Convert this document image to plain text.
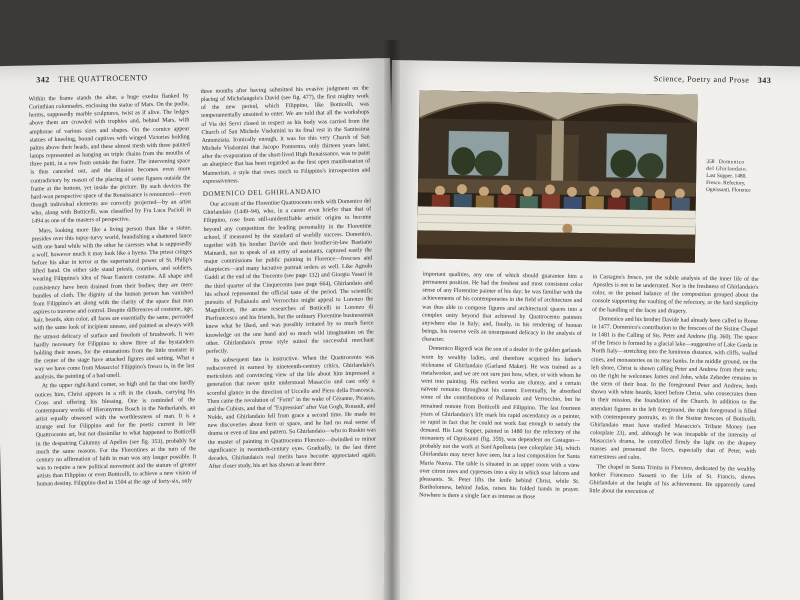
342 THE QUATTROCENTO

Within the frame stands the altar, a huge exedra flanked by Corinthian colonnades, enclosing the statue of Mars. On the podia, herms, supposedly marble sculptures, twist as if alive. The ledges above them are crowded with trophies and, behind Mars, with amphorae of various sizes and shapes. On the cornice appear statues of kneeling, bound captives with winged Victories holding palms above their heads, and these almost mesh with three painted lamps represented as hanging on triple chains from the mouths of three putti, in a row from outside the frame. The intervening space is thus canceled out, and the illusion becomes even more contradictory by reason of the placing of some figures outside the frame at the bottom, yet inside the picture. By such devices the hard-won perspective space of the Renaissance is renounced—even though individual elements are correctly projected—by an artist who, along with Botticelli, was classified by Fra Luca Pacioli in 1494 as one of the masters of perspective.

Mars, looking more like a living person than like a statue, presides over this topsy-turvy world, brandishing a shattered lance with one hand while with the other he caresses what is supposedly a wolf, however much it may look like a hyena. The priest cringes before his altar in terror at the supernatural power of St. Philip's lifted hand. On either side stand priests, courtiers, and soldiers, wearing Filippino's idea of Near Eastern costume. All shape and consistency have been drained from their bodies; they are mere bundles of cloth. The dignity of the human person has vanished from Filippino's art along with the clarity of the space that man aspires to traverse and control. Despite differences of costume, age, hair, beards, skin color, all faces are essentially the same, pervaded with the same look of incipient unease, and painted as always with the utmost delicacy of surface and freedom of brushwork. It was hardly necessary for Filippino to show three of the bystanders holding their noses, for the emanations from the little monster in the center of the stage have attacked figures and setting. What a way we have come from Masaccio! Filippino's fresco is, in the last analysis, the painting of a bad smell.

At the upper right-hand corner, so high and far that one hardly notices him, Christ appears in a rift in the clouds, carrying his Cross and offering his blessing. One is reminded of the contemporary works of Hieronymus Bosch in the Netherlands, an artist equally obsessed with the worthlessness of man. It is a strange end for Filippino and for the poetic current in late Quattrocento art, but not dissimilar to what happened to Botticelli in the despairing Calumny of Apelles (see fig. 353), probably for much the same reasons. For the Florentines at the turn of the century no affirmation of faith in man was any longer possible. It was to require a new political movement and the stature of greater artists than Filippino or even Botticelli, to achieve a new vision of human destiny. Filippino died in 1504 at the age of forty-six, only

three months after having submitted his evasive judgment on the placing of Michelangelo's David (see fig. 477), the first mighty work of the new period, which Filippino, like Botticelli, was temperamentally unsuited to enter. We are told that all the workshops of Via dei Servi closed in respect as his body was carried from the Church of San Michele Visdomini to its final rest in the Santissima Annunziata. Ironically enough, it was for this very Church of San Michele Visdomini that Jacopo Pontormo, only thirteen years later, after the evaporation of the short-lived High Renaissance, was to paint an altarpiece that has been regarded as the first open manifestation of Mannerism, a style that owes much to Filippino's introspection and expressiveness.

DOMENICO DEL GHIRLANDAIO

Our account of the Florentine Quattrocento ends with Domenico del Ghirlandaio (1449–94), who, in a career even briefer than that of Filippino, rose from still-unidentifiable artistic origins to become beyond any competition the leading personality in the Florentine school, if measured by the standard of worldly success. Domenico, together with his brother Davide and their brother-in-law Bastiano Mainardi, not to speak of an army of assistants, captured easily the major commissions for public painting in Florence—frescoes and altarpieces—and many lucrative portrait orders as well. Like Agnolo Gaddi at the end of the Trecento (see page 132) and Giorgio Vasari in the third quarter of the Cinquecento (see page 664), Ghirlandaio and his school represented the official taste of the period. The scientific pursuits of Pollaiuolo and Verrocchio might appeal to Lorenzo the Magnificent, the arcane researches of Botticelli to Lorenzo di Pierfrancesco and his friends, but the ordinary Florentine businessman knew what he liked, and was possibly irritated by so much fierce knowledge on the one hand and so much wild imagination on the other. Ghirlandaio's prose style suited the successful merchant perfectly.

Its subsequent fate is instructive. When the Quattrocento was rediscovered in earnest by nineteenth-century critics, Ghirlandaio's meticulous and convincing view of the life about him impressed a generation that never quite understood Masaccio and cast only a scornful glance in the direction of Uccello and Piero della Francesca. Then came the revolution of "Form" in the wake of Cézanne, Picasso, and the Cubists, and that of "Expression" after Van Gogh, Rouault, and Nolde, and Ghirlandaio fell from grace a second time. He made no new discoveries about form or space, and he had no real sense of drama or even of line and pattern. So Ghirlandaio—who to Ruskin was the master of painting in Quattrocento Florence—dwindled to minor significance in twentieth-century eyes. Gradually, in the last three decades, Ghirlandaio's real merits have become appreciated again. After closer study, his art has shown at least three

Science, Poetry and Prose 343
358 Domenico
del Ghirlandaio.
Last Supper. 1480.
Fresco. Refectory,
Ognissanti, Florence

important qualities, any one of which should guarantee him a permanent position. He had the freshest and most consistent color sense of any Florentine painter of his day; he was familiar with the achievements of his contemporaries in the field of architecture and was thus able to compose figures and architectural spaces into a complex unity beyond that achieved by Quattrocento painters anywhere else in Italy; and, finally, in his rendering of human beings, his reserve veils an unsurpassed delicacy in the analysis of character.

Domenico Bigordi was the son of a dealer in the golden garlands worn by wealthy ladies, and therefore acquired his father's nickname of Ghirlandaio (Garland Maker). He was trained as a metalworker, and we are not sure just how, when, or with whom he went into painting. His earliest works are clumsy, and a certain naïveté remains throughout his career. Eventually, he absorbed some of the contributions of Pollaiuolo and Verrocchio, but he remained remote from Botticelli and Filippino. The last fourteen years of Ghirlandaio's life mark his rapid ascendancy as a painter, so rapid in fact that he could not work fast enough to satisfy the demand. His Last Supper, painted in 1480 for the refectory of the monastery of Ognissanti (fig. 359), was dependent on Castagno—probably not the work at Sant'Apollonia (see colorplate 34), which Ghirlandaio may never have seen, but a lost composition for Santa Maria Nuova. The table is situated in an upper room with a view over citron trees and cypresses into a sky in which soar falcons and pheasants. St. Peter lifts the knife behind Christ, while St. Bartholomew, behind Judas, raises his folded hands in prayer. Nowhere is there a single face as intense as those

in Castagno's fresco, yet the subtle analysis of the inner life of the Apostles is not to be underrated. Nor is the freshness of Ghirlandaio's color, or the poised balance of the composition grouped about the console supporting the vaulting of the refectory, or the hard simplicity of the handling of the faces and drapery.

Domenico and his brother Davide had already been called to Rome in 1477. Domenico's contribution to the frescoes of the Sistine Chapel in 1481 is the Calling of Sts. Peter and Andrew (fig. 360). The space of the fresco is formed by a glacial lake—suggestive of Lake Garda in North Italy—stretching into the luminous distance, with cliffs, walled cities, and monasteries on its near banks. In the middle ground, on the left shore, Christ is shown calling Peter and Andrew from their nets; on the right he welcomes James and John, while Zebedee remains in the stern of their boat. In the foreground Peter and Andrew, both shown with white beards, kneel before Christ, who consecrates them in their mission, the foundation of the Church. In addition to the attendant figures in the left foreground, the right foreground is filled with contemporary portraits, as in the Sistine frescoes of Botticelli. Ghirlandaio must have studied Masaccio's Tribute Money (see colorplate 23), and, although he was incapable of the intensity of Masaccio's drama, he controlled firmly the light on the drapery masses and presented the faces, especially that of Peter, with earnestness and calm.

The chapel in Santa Trinita in Florence, dedicated by the wealthy banker Francesco Sassetti to the Life of St. Francis, shows Ghirlandaio at the height of his achievement. He apparently cared little about the execution of
